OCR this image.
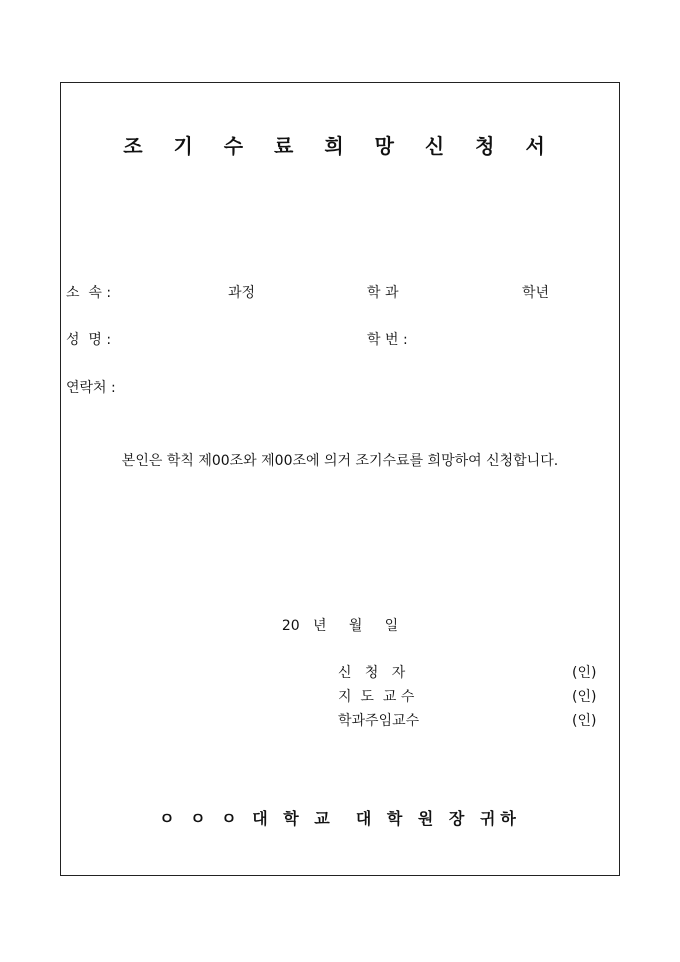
조 기 수 료 희 망 신 청 서
소  속 :	과정	학 과	학년
성  명 :	학 번 :
연락처 :
본인은 학칙 제00조와 제00조에 의거 조기수료를 희망하여 신청합니다.
20   년     월     일
신   청   자	(인)
지  도  교 수	(인)
학과주임교수	(인)

ㅇ ㅇ ㅇ 대 학 교  대 학 원 장 귀하
